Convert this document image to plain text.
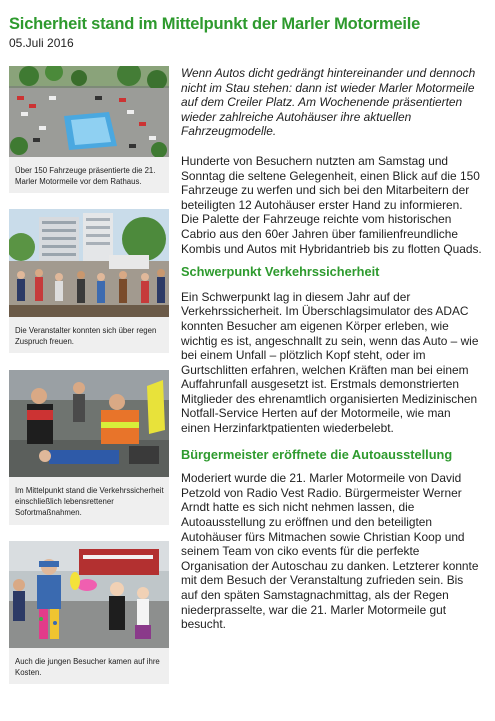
Sicherheit stand im Mittelpunkt der Marler Motormeile
05.Juli 2016
Über 150 Fahrzeuge präsentierte die 21. Marler Motormeile vor dem Rathaus.
Die Veranstalter konnten sich über regen Zuspruch freuen.
Im Mittelpunkt stand die Verkehrssicherheit einschließlich lebensrettener Sofortmaßnahmen.
Auch die jungen Besucher kamen auf ihre Kosten.

Wenn Autos dicht gedrängt hintereinander und dennoch nicht im Stau stehen: dann ist wieder Marler Motormeile auf dem Creiler Platz. Am Wochenende präsentierten wieder zahlreiche Autohäuser ihre aktuellen Fahrzeugmodelle.

Hunderte von Besuchern nutzten am Samstag und Sonntag die seltene Gelegenheit, einen Blick auf die 150 Fahrzeuge zu werfen und sich bei den Mitarbeitern der beteiligten 12 Autohäuser erster Hand zu informieren. Die Palette der Fahrzeuge reichte vom historischen Cabrio aus den 60er Jahren über familienfreundliche Kombis und Autos mit Hybridantrieb bis zu flotten Quads.

Schwerpunkt Verkehrssicherheit

Ein Schwerpunkt lag in diesem Jahr auf der Verkehrssicherheit. Im Überschlagsimulator des ADAC konnten Besucher am eigenen Körper erleben, wie wichtig es ist, angeschnallt zu sein, wenn das Auto – wie bei einem Unfall – plötzlich Kopf steht, oder im Gurtschlitten erfahren, welchen Kräften man bei einem Auffahrunfall ausgesetzt ist. Erstmals demonstrierten Mitglieder des ehrenamtlich organisierten Medizinischen Notfall-Service Herten auf der Motormeile, wie man einen Herzinfarktpatienten wiederbelebt.

Bürgermeister eröffnete die Autoausstellung

Moderiert wurde die 21. Marler Motormeile von David Petzold von Radio Vest Radio. Bürgermeister Werner Arndt hatte es sich nicht nehmen lassen, die Autoausstellung zu eröffnen und den beteiligten Autohäuser fürs Mitmachen sowie Christian Koop und seinem Team von ciko events für die perfekte Organisation der Autoschau zu danken. Letzterer konnte mit dem Besuch der Veranstaltung zufrieden sein. Bis auf den späten Samstagnachmittag, als der Regen niederprasselte, war die 21. Marler Motormeile gut besucht.
